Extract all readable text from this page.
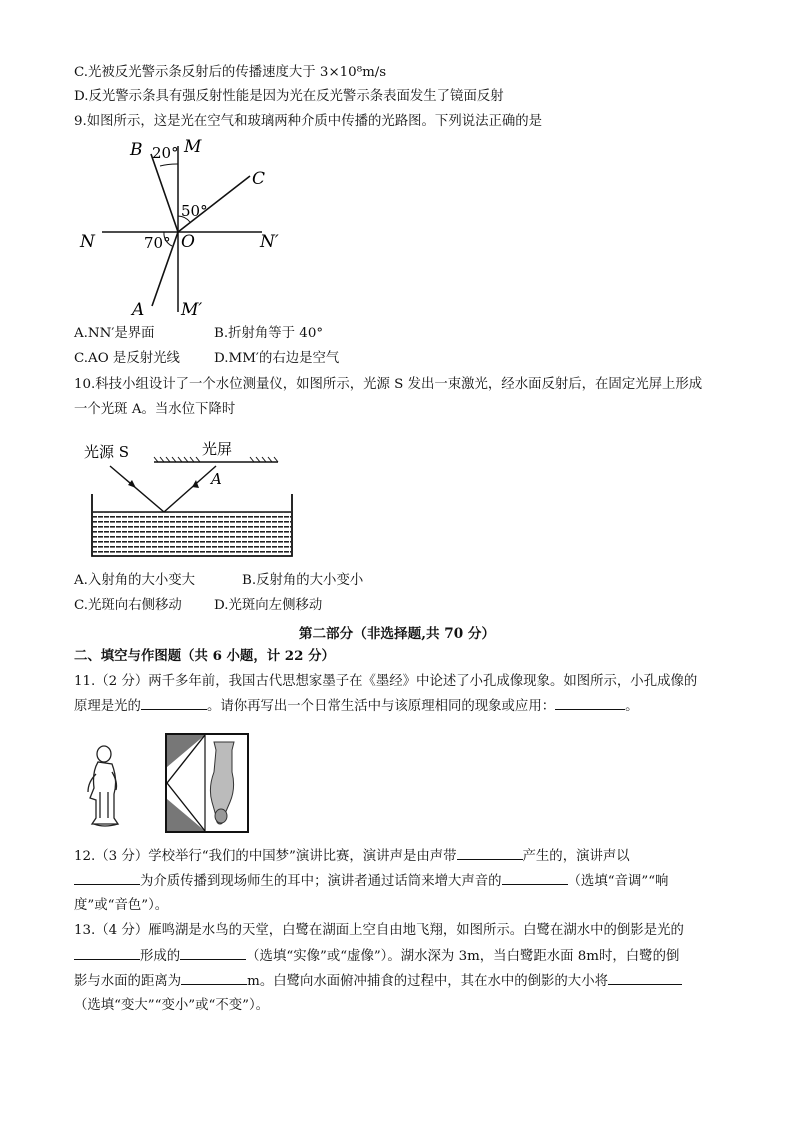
C.光被反光警示条反射后的传播速度大于 3×10⁸m/s
D.反光警示条具有强反射性能是因为光在反光警示条表面发生了镜面反射
9.如图所示，这是光在空气和玻璃两种介质中传播的光路图。下列说法正确的是
B M
C
N	O	N′
A M′
20°
50°
70°
A.NN′是界面	B.折射角等于 40°
C.AO 是反射光线	D.MM′的右边是空气
10.科技小组设计了一个水位测量仪，如图所示，光源 S 发出一束激光，经水面反射后，在固定光屏上形成
一个光斑 A。当水位下降时
光源 S	光屏
A
A.入射角的大小变大	B.反射角的大小变小
C.光斑向右侧移动 D.光斑向左侧移动
第二部分（非选择题,共 70 分）
二、填空与作图题（共 6 小题，计 22 分）
11.（2 分）两千多年前，我国古代思想家墨子在《墨经》中论述了小孔成像现象。如图所示，小孔成像的
原理是光的	。请你再写出一个日常生活中与该原理相同的现象或应用：	。
12.（3 分）学校举行“我们的中国梦”演讲比赛，演讲声是由声带	产生的，演讲声以
为介质传播到现场师生的耳中；演讲者通过话筒来增大声音的	（选填“音调”“响
度”或“音色”）。
13.（4 分）雁鸣湖是水鸟的天堂，白鹭在湖面上空自由地飞翔，如图所示。白鹭在湖水中的倒影是光的
形成的	（选填“实像”或“虚像”）。湖水深为 3m，当白鹭距水面 8m时，白鹭的倒
影与水面的距离为	m。白鹭向水面俯冲捕食的过程中，其在水中的倒影的大小将
（选填“变大”“变小”或“不变”）。
